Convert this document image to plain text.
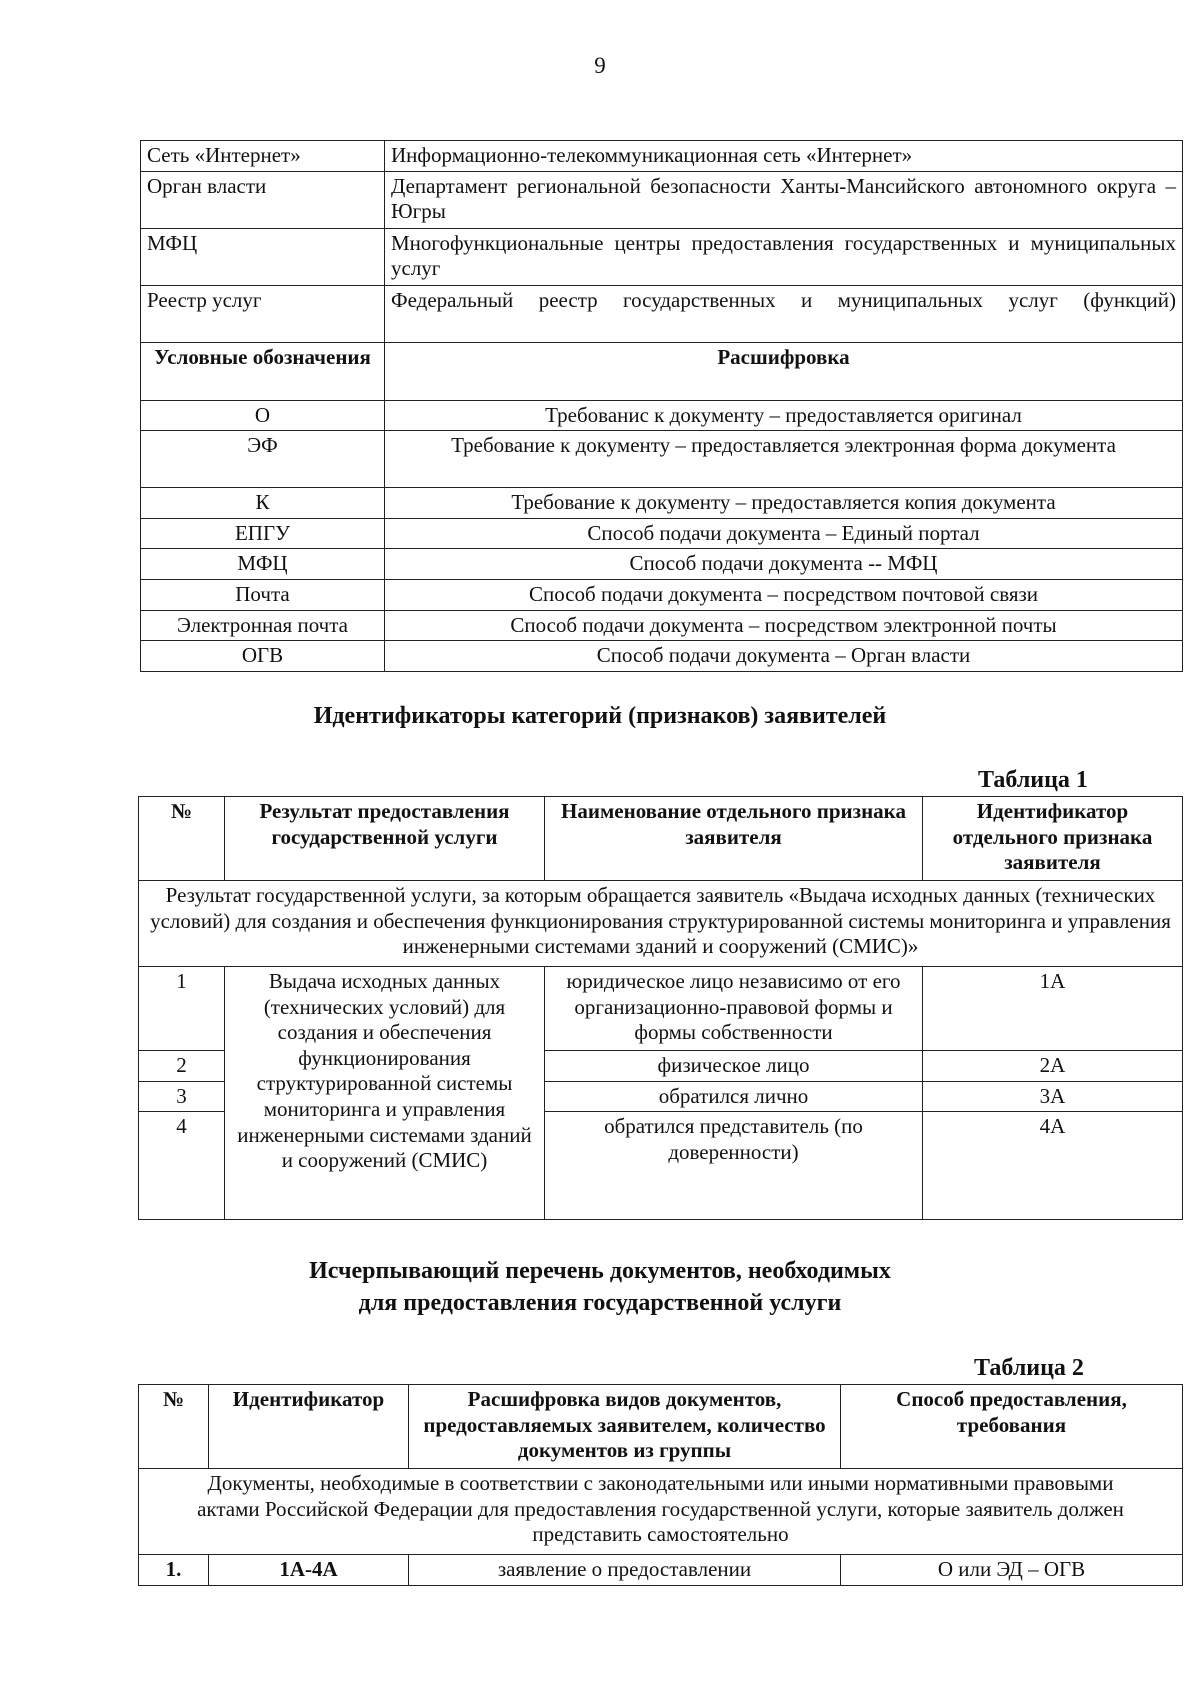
9
Сеть «Интернет»	Информационно-телекоммуникационная сеть «Интернет»
Орган власти	Департамент региональной безопасности Ханты-Мансийского автономного округа – Югры
МФЦ	Многофункциональные центры предоставления государственных и муниципальных услуг
Реестр услуг	Федеральный реестр государственных и муниципальных услуг (функций)
Условные обозначения	Расшифровка
О	Требованис к документу – предоставляется оригинал
ЭФ	Требование к документу – предоставляется электронная форма документа
К	Требование к документу – предоставляется копия документа
ЕПГУ	Способ подачи документа – Единый портал
МФЦ	Способ подачи документа -- МФЦ
Почта	Способ подачи документа – посредством почтовой связи
Электронная почта	Способ подачи документа – посредством электронной почты
ОГВ	Способ подачи документа – Орган власти
Идентификаторы категорий (признаков) заявителей
Таблица 1
№	Результат предоставления государственной услуги	Наименование отдельного признака заявителя	Идентификатор отдельного признака заявителя
Результат государственной услуги, за которым обращается заявитель «Выдача исходных данных (технических условий) для создания и обеспечения функционирования структурированной системы мониторинга и управления инженерными системами зданий и сооружений (СМИС)»			
1	Выдача исходных данных (технических условий) для создания и обеспечения функционирования структурированной системы мониторинга и управления инженерными системами зданий и сооружений (СМИС)	юридическое лицо независимо от его организационно-правовой формы и формы собственности	1А
2		физическое лицо	2А
3		обратился лично	3А
4		обратился представитель (по доверенности)	4А
Исчерпывающий перечень документов, необходимых
для предоставления государственной услуги
Таблица 2
№	Идентификатор	Расшифровка видов документов, предоставляемых заявителем, количество документов из группы	Способ предоставления, требования
Документы, необходимые в соответствии с законодательными или иными нормативными правовыми актами Российской Федерации для предоставления государственной услуги, которые заявитель должен представить самостоятельно			
1.	1А-4А	заявление о предоставлении	О или ЭД – ОГВ
